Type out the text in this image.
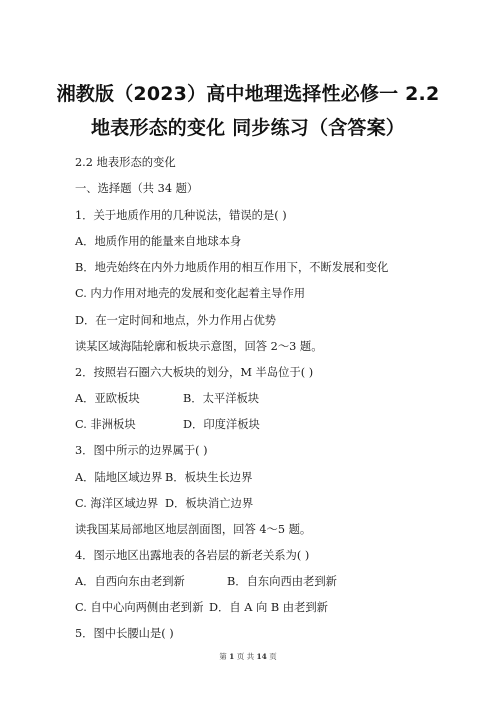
湘教版（2023）高中地理选择性必修一 2.2
地表形态的变化 同步练习（含答案）
2.2 地表形态的变化
一、选择题（共 34 题）
1．关于地质作用的几种说法，错误的是( )
A．地质作用的能量来自地球本身
B．地壳始终在内外力地质作用的相互作用下，不断发展和变化
C. 内力作用对地壳的发展和变化起着主导作用
D．在一定时间和地点，外力作用占优势
读某区域海陆轮廓和板块示意图，回答 2～3 题。
2．按照岩石圈六大板块的划分，M 半岛位于( )
A．亚欧板块	B．太平洋板块
C. 非洲板块	D．印度洋板块
3．图中所示的边界属于( )
A．陆地区域边界 B．板块生长边界
C. 海洋区域边界 D．板块消亡边界
读我国某局部地区地层剖面图，回答 4～5 题。
4．图示地区出露地表的各岩层的新老关系为( )
A．自西向东由老到新	B．自东向西由老到新
C. 自中心向两侧由老到新 D．自 A 向 B 由老到新
5．图中长腰山是( )
第 1 页 共 14 页
